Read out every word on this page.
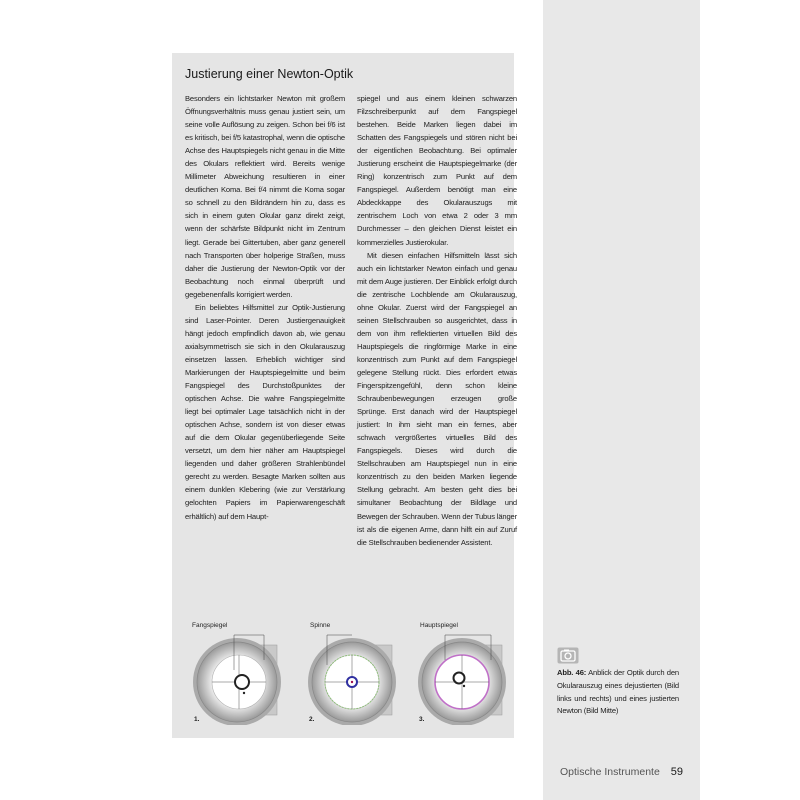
Justierung einer Newton-Optik

Besonders ein lichtstarker Newton mit großem Öffnungsverhältnis muss genau justiert sein, um seine volle Auflösung zu zeigen. Schon bei f/6 ist es kritisch, bei f/5 katastrophal, wenn die optische Achse des Hauptspiegels nicht genau in die Mitte des Okulars reflektiert wird. Bereits wenige Millimeter Abweichung resultieren in einer deutlichen Koma. Bei f/4 nimmt die Koma sogar so schnell zu den Bildrändern hin zu, dass es sich in einem guten Okular ganz direkt zeigt, wenn der schärfste Bildpunkt nicht im Zentrum liegt. Gerade bei Gittertuben, aber ganz generell nach Transporten über holperige Straßen, muss daher die Justierung der Newton-Optik vor der Beobachtung noch einmal überprüft und gegebenenfalls korrigiert werden.

Ein beliebtes Hilfsmittel zur Optik-Justierung sind Laser-Pointer. Deren Justiergenauigkeit hängt jedoch empfindlich davon ab, wie genau axialsymmetrisch sie sich in den Okularauszug einsetzen lassen. Erheblich wichtiger sind Markierungen der Hauptspiegelmitte und beim Fangspiegel des Durchstoßpunktes der optischen Achse. Die wahre Fangspiegelmitte liegt bei optimaler Lage tatsächlich nicht in der optischen Achse, sondern ist von dieser etwas auf die dem Okular gegenüberliegende Seite versetzt, um dem hier näher am Hauptspiegel liegenden und daher größeren Strahlenbündel gerecht zu werden. Besagte Marken sollten aus einem dunklen Klebering (wie zur Verstärkung gelochten Papiers im Papierwarengeschäft erhältlich) auf dem Haupt-

spiegel und aus einem kleinen schwarzen Filzschreiberpunkt auf dem Fangspiegel bestehen. Beide Marken liegen dabei im Schatten des Fangspiegels und stören nicht bei der eigentlichen Beobachtung. Bei optimaler Justierung erscheint die Hauptspiegelmarke (der Ring) konzentrisch zum Punkt auf dem Fangspiegel. Außerdem benötigt man eine Abdeckkappe des Okularauszugs mit zentrischem Loch von etwa 2 oder 3 mm Durchmesser – den gleichen Dienst leistet ein kommerzielles Justierokular.

Mit diesen einfachen Hilfsmitteln lässt sich auch ein lichtstarker Newton einfach und genau mit dem Auge justieren. Der Einblick erfolgt durch die zentrische Lochblende am Okularauszug, ohne Okular. Zuerst wird der Fangspiegel an seinen Stellschrauben so ausgerichtet, dass in dem von ihm reflektierten virtuellen Bild des Hauptspiegels die ringförmige Marke in eine konzentrisch zum Punkt auf dem Fangspiegel gelegene Stellung rückt. Dies erfordert etwas Fingerspitzengefühl, denn schon kleine Schraubenbewegungen erzeugen große Sprünge. Erst danach wird der Hauptspiegel justiert: In ihm sieht man ein fernes, aber schwach vergrößertes virtuelles Bild des Fangspiegels. Dieses wird durch die Stellschrauben am Hauptspiegel nun in eine konzentrisch zu den beiden Marken liegende Stellung gebracht. Am besten geht dies bei simultaner Beobachtung der Bildlage und Bewegen der Schrauben. Wenn der Tubus länger ist als die eigenen Arme, dann hilft ein auf Zuruf die Stellschrauben bedienender Assistent.

Fangspiegel
1.
Spinne
2.
Hauptspiegel
3.
Abb. 46: Anblick der Optik durch den Okularauszug eines dejustierten (Bild links und rechts) und eines justierten Newton (Bild Mitte)
Optische Instrumente 59
